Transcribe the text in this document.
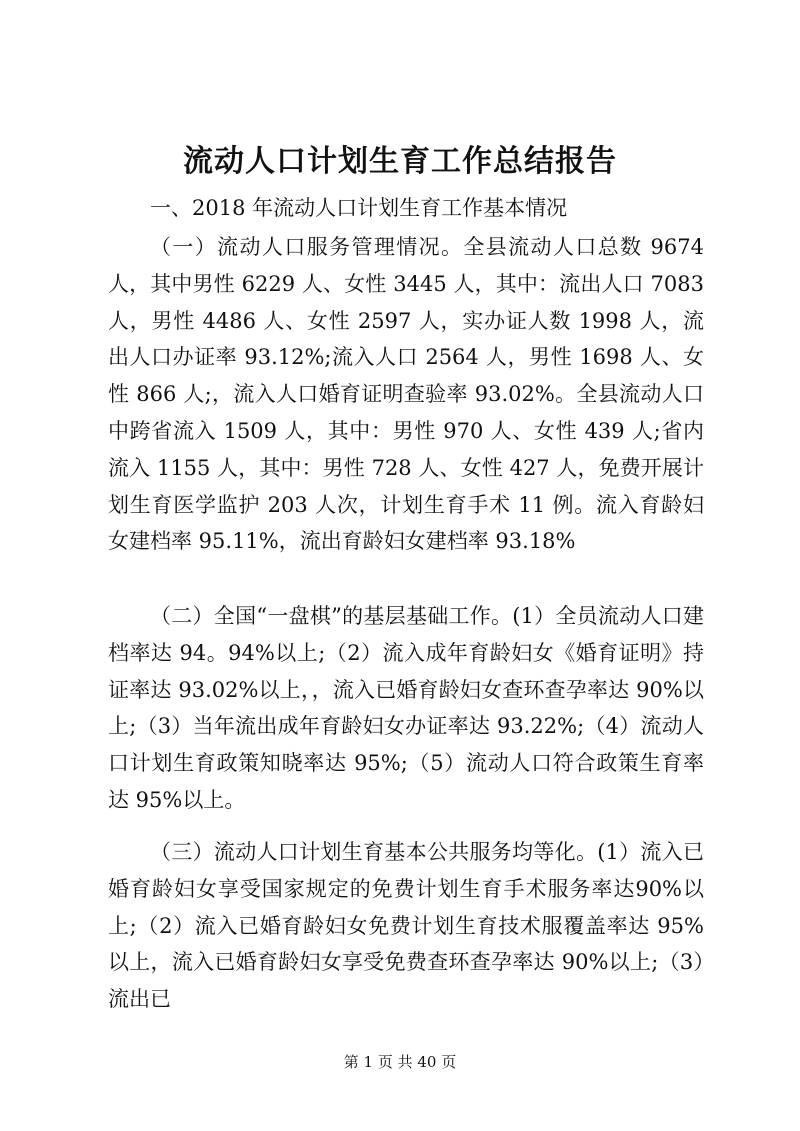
流动人口计划生育工作总结报告
一、2018 年流动人口计划生育工作基本情况

（一）流动人口服务管理情况。全县流动人口总数 9674 人，其中男性 6229 人、女性 3445 人，其中：流出人口 7083 人，男性 4486 人、女性 2597 人，实办证人数 1998 人，流出人口办证率 93.12%;流入人口 2564 人，男性 1698 人、女性 866 人;，流入人口婚育证明查验率 93.02%。全县流动人口中跨省流入 1509 人，其中：男性 970 人、女性 439 人;省内流入 1155 人，其中：男性 728 人、女性 427 人，免费开展计划生育医学监护 203 人次，计划生育手术 11 例。流入育龄妇女建档率 95.11%，流出育龄妇女建档率 93.18%

（二）全国“一盘棋”的基层基础工作。(1）全员流动人口建档率达 94。94%以上;（2）流入成年育龄妇女《婚育证明》持证率达 93.02%以上，，流入已婚育龄妇女查环查孕率达 90%以上;（3）当年流出成年育龄妇女办证率达 93.22%;（4）流动人口计划生育政策知晓率达 95%;（5）流动人口符合政策生育率达 95%以上。

（三）流动人口计划生育基本公共服务均等化。(1）流入已婚育龄妇女享受国家规定的免费计划生育手术服务率达90%以上;（2）流入已婚育龄妇女免费计划生育技术服覆盖率达 95%以上，流入已婚育龄妇女享受免费查环查孕率达 90%以上;（3）流出已

第 1 页 共 40 页
